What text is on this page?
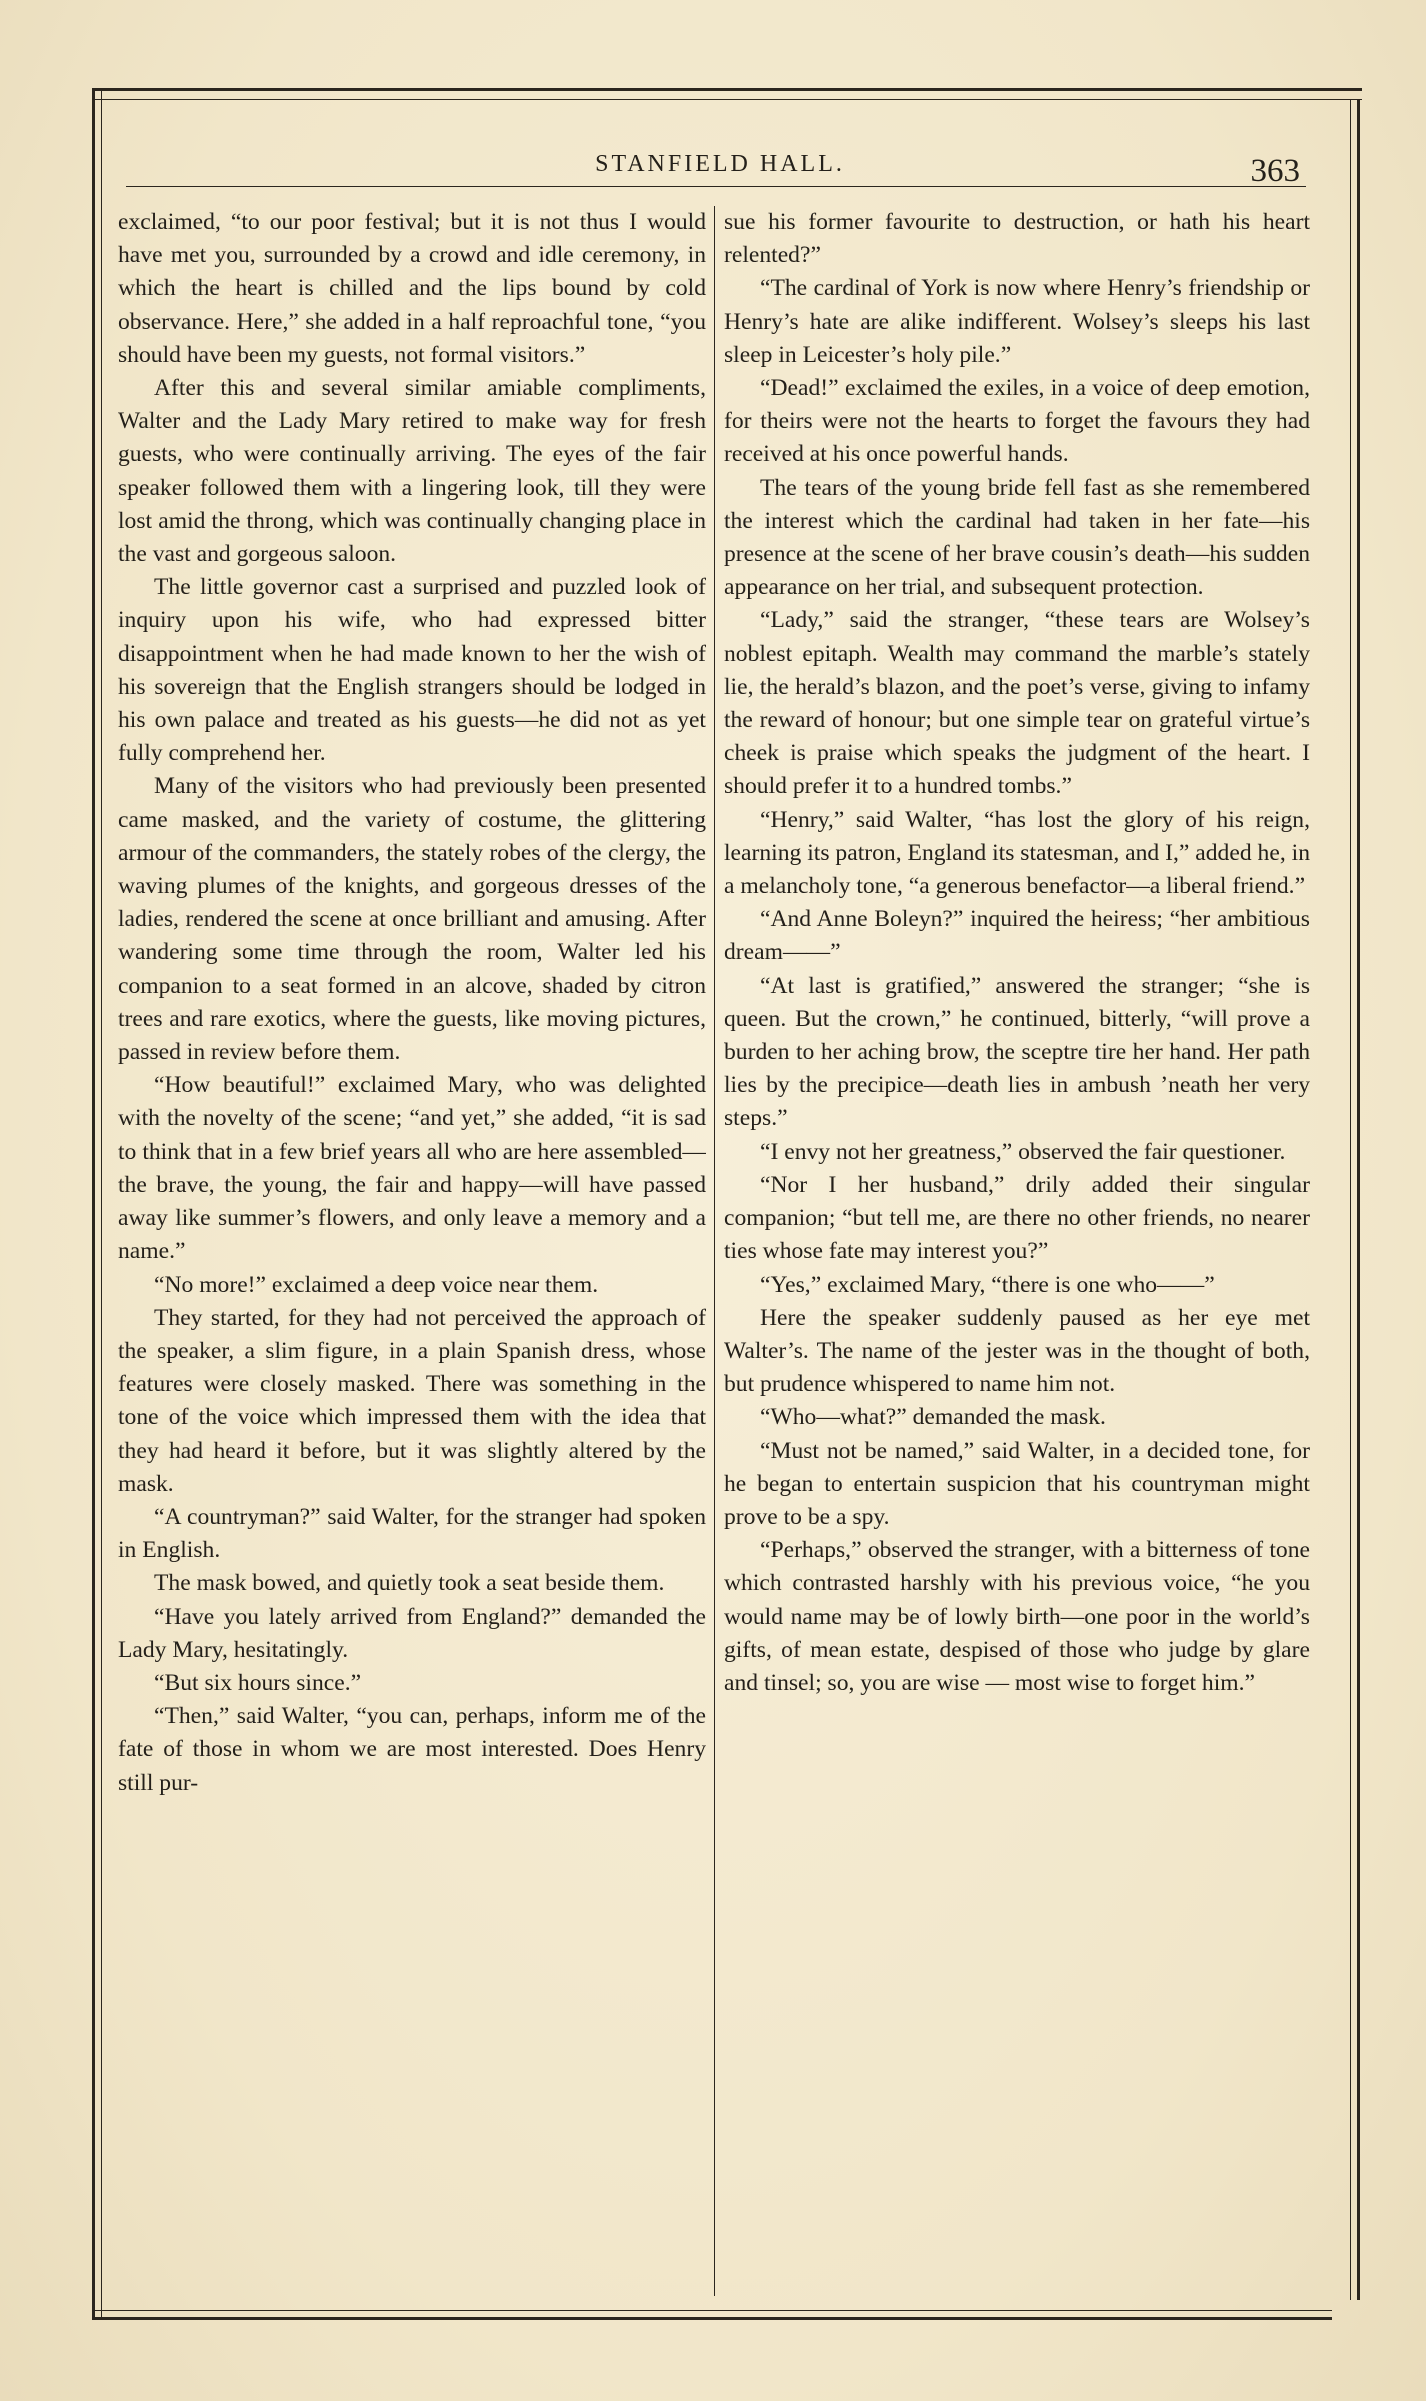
STANFIELD HALL.	363

exclaimed, “to our poor festival; but it is not thus I would have met you, surrounded by a crowd and idle ceremony, in which the heart is chilled and the lips bound by cold observance. Here,” she added in a half reproachful tone, “you should have been my guests, not formal visitors.”

After this and several similar amiable compliments, Walter and the Lady Mary retired to make way for fresh guests, who were continually arriving. The eyes of the fair speaker followed them with a lingering look, till they were lost amid the throng, which was continually changing place in the vast and gorgeous saloon.

The little governor cast a surprised and puzzled look of inquiry upon his wife, who had expressed bitter disappointment when he had made known to her the wish of his sovereign that the English strangers should be lodged in his own palace and treated as his guests—he did not as yet fully comprehend her.

Many of the visitors who had previously been presented came masked, and the variety of costume, the glittering armour of the commanders, the stately robes of the clergy, the waving plumes of the knights, and gorgeous dresses of the ladies, rendered the scene at once brilliant and amusing. After wandering some time through the room, Walter led his companion to a seat formed in an alcove, shaded by citron trees and rare exotics, where the guests, like moving pictures, passed in review before them.

“How beautiful!” exclaimed Mary, who was delighted with the novelty of the scene; “and yet,” she added, “it is sad to think that in a few brief years all who are here assembled—the brave, the young, the fair and happy—will have passed away like summer’s flowers, and only leave a memory and a name.”

“No more!” exclaimed a deep voice near them.

They started, for they had not perceived the approach of the speaker, a slim figure, in a plain Spanish dress, whose features were closely masked. There was something in the tone of the voice which impressed them with the idea that they had heard it before, but it was slightly altered by the mask.

“A countryman?” said Walter, for the stranger had spoken in English.

The mask bowed, and quietly took a seat beside them.

“Have you lately arrived from England?” demanded the Lady Mary, hesitatingly.

“But six hours since.”

“Then,” said Walter, “you can, perhaps, inform me of the fate of those in whom we are most interested. Does Henry still pur-

sue his former favourite to destruction, or hath his heart relented?”

“The cardinal of York is now where Henry’s friendship or Henry’s hate are alike indifferent. Wolsey’s sleeps his last sleep in Leicester’s holy pile.”

“Dead!” exclaimed the exiles, in a voice of deep emotion, for theirs were not the hearts to forget the favours they had received at his once powerful hands.

The tears of the young bride fell fast as she remembered the interest which the cardinal had taken in her fate—his presence at the scene of her brave cousin’s death—his sudden appearance on her trial, and subsequent protection.

“Lady,” said the stranger, “these tears are Wolsey’s noblest epitaph. Wealth may command the marble’s stately lie, the herald’s blazon, and the poet’s verse, giving to infamy the reward of honour; but one simple tear on grateful virtue’s cheek is praise which speaks the judgment of the heart. I should prefer it to a hundred tombs.”

“Henry,” said Walter, “has lost the glory of his reign, learning its patron, England its statesman, and I,” added he, in a melancholy tone, “a generous benefactor—a liberal friend.”

“And Anne Boleyn?” inquired the heiress; “her ambitious dream——”

“At last is gratified,” answered the stranger; “she is queen. But the crown,” he continued, bitterly, “will prove a burden to her aching brow, the sceptre tire her hand. Her path lies by the precipice—death lies in ambush ’neath her very steps.”

“I envy not her greatness,” observed the fair questioner.

“Nor I her husband,” drily added their singular companion; “but tell me, are there no other friends, no nearer ties whose fate may interest you?”

“Yes,” exclaimed Mary, “there is one who——”

Here the speaker suddenly paused as her eye met Walter’s. The name of the jester was in the thought of both, but prudence whispered to name him not.

“Who—what?” demanded the mask.

“Must not be named,” said Walter, in a decided tone, for he began to entertain suspicion that his countryman might prove to be a spy.

“Perhaps,” observed the stranger, with a bitterness of tone which contrasted harshly with his previous voice, “he you would name may be of lowly birth—one poor in the world’s gifts, of mean estate, despised of those who judge by glare and tinsel; so, you are wise — most wise to forget him.”
